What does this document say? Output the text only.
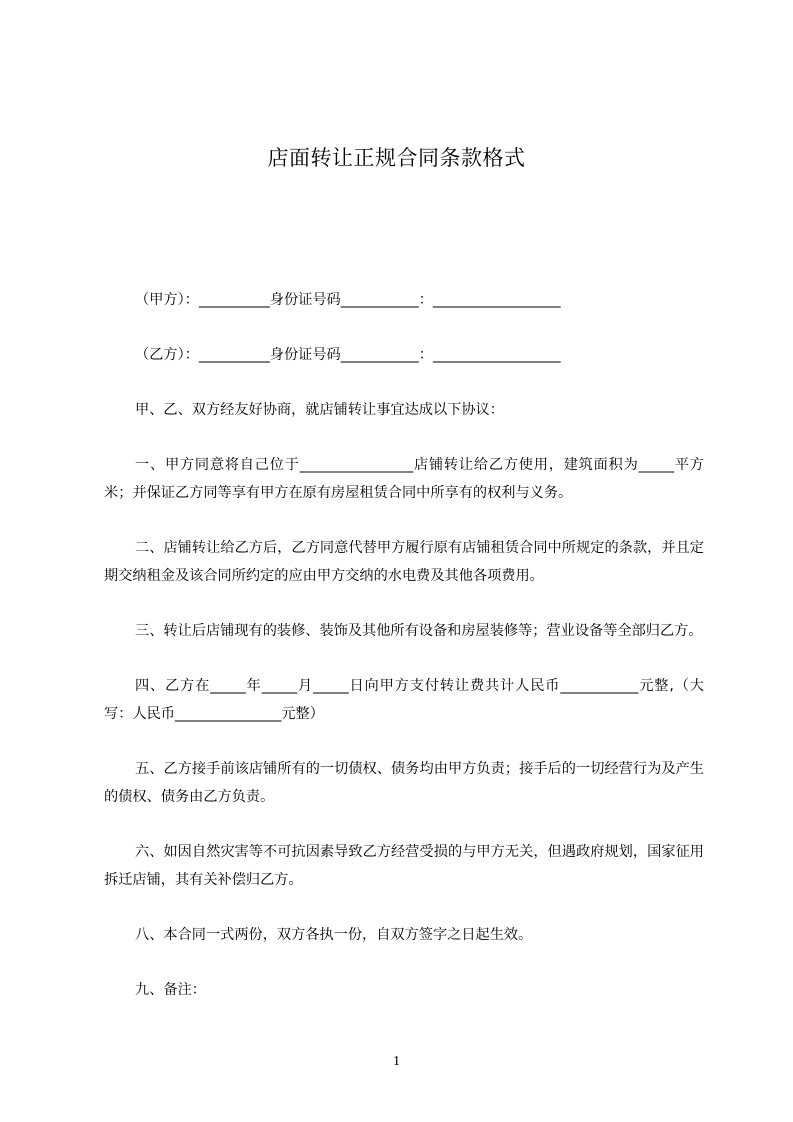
店面转让正规合同条款格式

（甲方）：__________身份证号码___________：__________________

（乙方）：__________身份证号码___________：__________________

甲、乙、双方经友好协商，就店铺转让事宜达成以下协议：

一、甲方同意将自己位于________________店铺转让给乙方使用，建筑面积为_____平方米；并保证乙方同等享有甲方在原有房屋租赁合同中所享有的权利与义务。

二、店铺转让给乙方后，乙方同意代替甲方履行原有店铺租赁合同中所规定的条款，并且定期交纳租金及该合同所约定的应由甲方交纳的水电费及其他各项费用。

三、转让后店铺现有的装修、装饰及其他所有设备和房屋装修等；营业设备等全部归乙方。

四、乙方在_____年_____月_____日向甲方支付转让费共计人民币___________元整,（大写：人民币_______________元整）

五、乙方接手前该店铺所有的一切债权、债务均由甲方负责；接手后的一切经营行为及产生的债权、债务由乙方负责。

六、如因自然灾害等不可抗因素导致乙方经营受损的与甲方无关，但遇政府规划，国家征用拆迁店铺，其有关补偿归乙方。

八、本合同一式两份，双方各执一份，自双方签字之日起生效。

九、备注：

1
